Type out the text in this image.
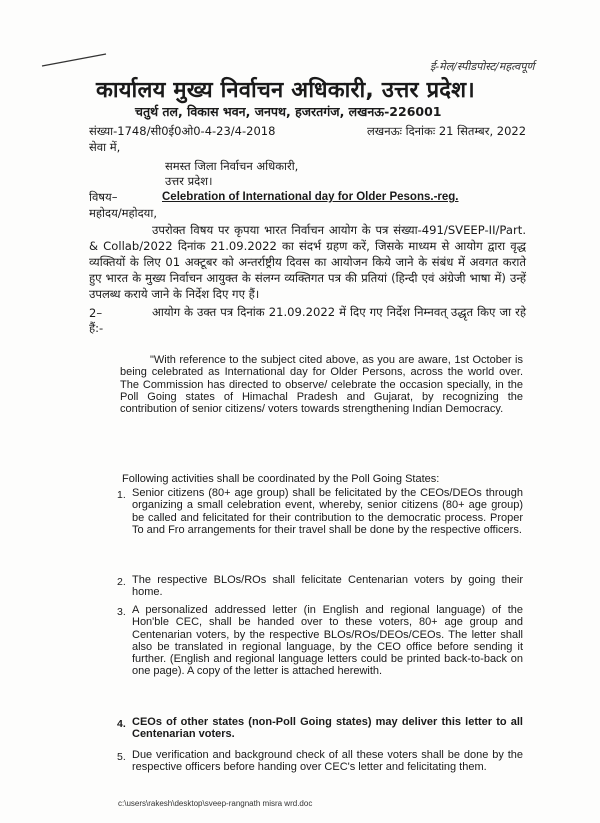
ई-मेल/स्पीडपोस्ट/महत्वपूर्ण
कार्यालय मुख्य निर्वाचन अधिकारी, उत्तर प्रदेश।
चतुर्थ तल, विकास भवन, जनपथ, हजरतगंज, लखनऊ-226001
संख्या-1748/सी0ई0ओ0-4-23/4-2018	लखनऊः दिनांकः 21 सितम्बर, 2022
सेवा में,
समस्त जिला निर्वाचन अधिकारी,
उत्तर प्रदेश।
विषय–	Celebration of International day for Older Pesons.-reg.
महोदय/महोदया,
उपरोक्त विषय पर कृपया भारत निर्वाचन आयोग के पत्र संख्या-491/SVEEP-II/Part. & Collab/2022 दिनांक 21.09.2022 का संदर्भ ग्रहण करें, जिसके माध्यम से आयोग द्वारा वृद्ध व्यक्तियों के लिए 01 अक्टूबर को अन्तर्राष्ट्रीय दिवस का आयोजन किये जाने के संबंध में अवगत कराते हुए भारत के मुख्य निर्वाचन आयुक्त के संलग्न व्यक्तिगत पत्र की प्रतियां (हिन्दी एवं अंग्रेजी भाषा में) उन्हें उपलब्ध कराये जाने के निर्देश दिए गए हैं।
2–	आयोग के उक्त पत्र दिनांक 21.09.2022 में दिए गए निर्देश निम्नवत् उद्धृत किए जा रहे हैं:-
"With reference to the subject cited above, as you are aware, 1st October is being celebrated as International day for Older Persons, across the world over. The Commission has directed to observe/ celebrate the occasion specially, in the Poll Going states of Himachal Pradesh and Gujarat, by recognizing the contribution of senior citizens/ voters towards strengthening Indian Democracy.
Following activities shall be coordinated by the Poll Going States:
1. Senior citizens (80+ age group) shall be felicitated by the CEOs/DEOs through organizing a small celebration event, whereby, senior citizens (80+ age group) be called and felicitated for their contribution to the democratic process. Proper To and Fro arrangements for their travel shall be done by the respective officers.
2. The respective BLOs/ROs shall felicitate Centenarian voters by going their home.
3. A personalized addressed letter (in English and regional language) of the Hon'ble CEC, shall be handed over to these voters, 80+ age group and Centenarian voters, by the respective BLOs/ROs/DEOs/CEOs. The letter shall also be translated in regional language, by the CEO office before sending it further. (English and regional language letters could be printed back-to-back on one page). A copy of the letter is attached herewith.
4. CEOs of other states (non-Poll Going states) may deliver this letter to all Centenarian voters.
5. Due verification and background check of all these voters shall be done by the respective officers before handing over CEC's letter and felicitating them.
c:\users\rakesh\desktop\sveep-rangnath misra wrd.doc
